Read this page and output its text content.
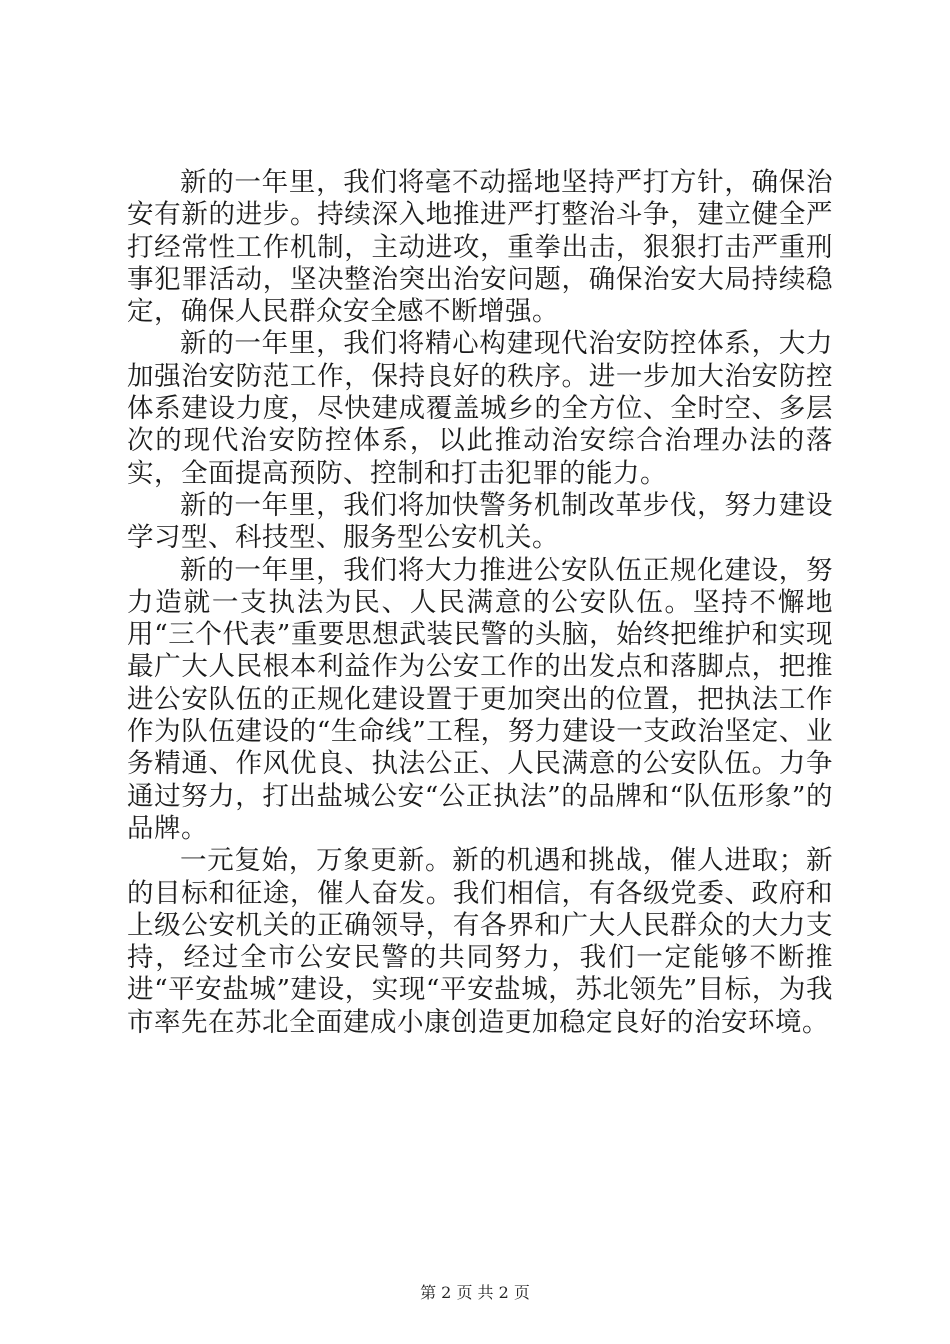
新的一年里，我们将毫不动摇地坚持严打方针，确保治安有新的进步。持续深入地推进严打整治斗争，建立健全严打经常性工作机制，主动进攻，重拳出击，狠狠打击严重刑事犯罪活动，坚决整治突出治安问题，确保治安大局持续稳定，确保人民群众安全感不断增强。

新的一年里，我们将精心构建现代治安防控体系，大力加强治安防范工作，保持良好的秩序。进一步加大治安防控体系建设力度，尽快建成覆盖城乡的全方位、全时空、多层次的现代治安防控体系，以此推动治安综合治理办法的落实，全面提高预防、控制和打击犯罪的能力。

新的一年里，我们将加快警务机制改革步伐，努力建设学习型、科技型、服务型公安机关。

新的一年里，我们将大力推进公安队伍正规化建设，努力造就一支执法为民、人民满意的公安队伍。坚持不懈地用“三个代表”重要思想武装民警的头脑，始终把维护和实现最广大人民根本利益作为公安工作的出发点和落脚点，把推进公安队伍的正规化建设置于更加突出的位置，把执法工作作为队伍建设的“生命线”工程，努力建设一支政治坚定、业务精通、作风优良、执法公正、人民满意的公安队伍。力争通过努力，打出盐城公安“公正执法”的品牌和“队伍形象”的品牌。

一元复始，万象更新。新的机遇和挑战，催人进取；新的目标和征途，催人奋发。我们相信，有各级党委、政府和上级公安机关的正确领导，有各界和广大人民群众的大力支持，经过全市公安民警的共同努力，我们一定能够不断推进“平安盐城”建设，实现“平安盐城，苏北领先”目标，为我市率先在苏北全面建成小康创造更加稳定良好的治安环境。

第 2 页 共 2 页
